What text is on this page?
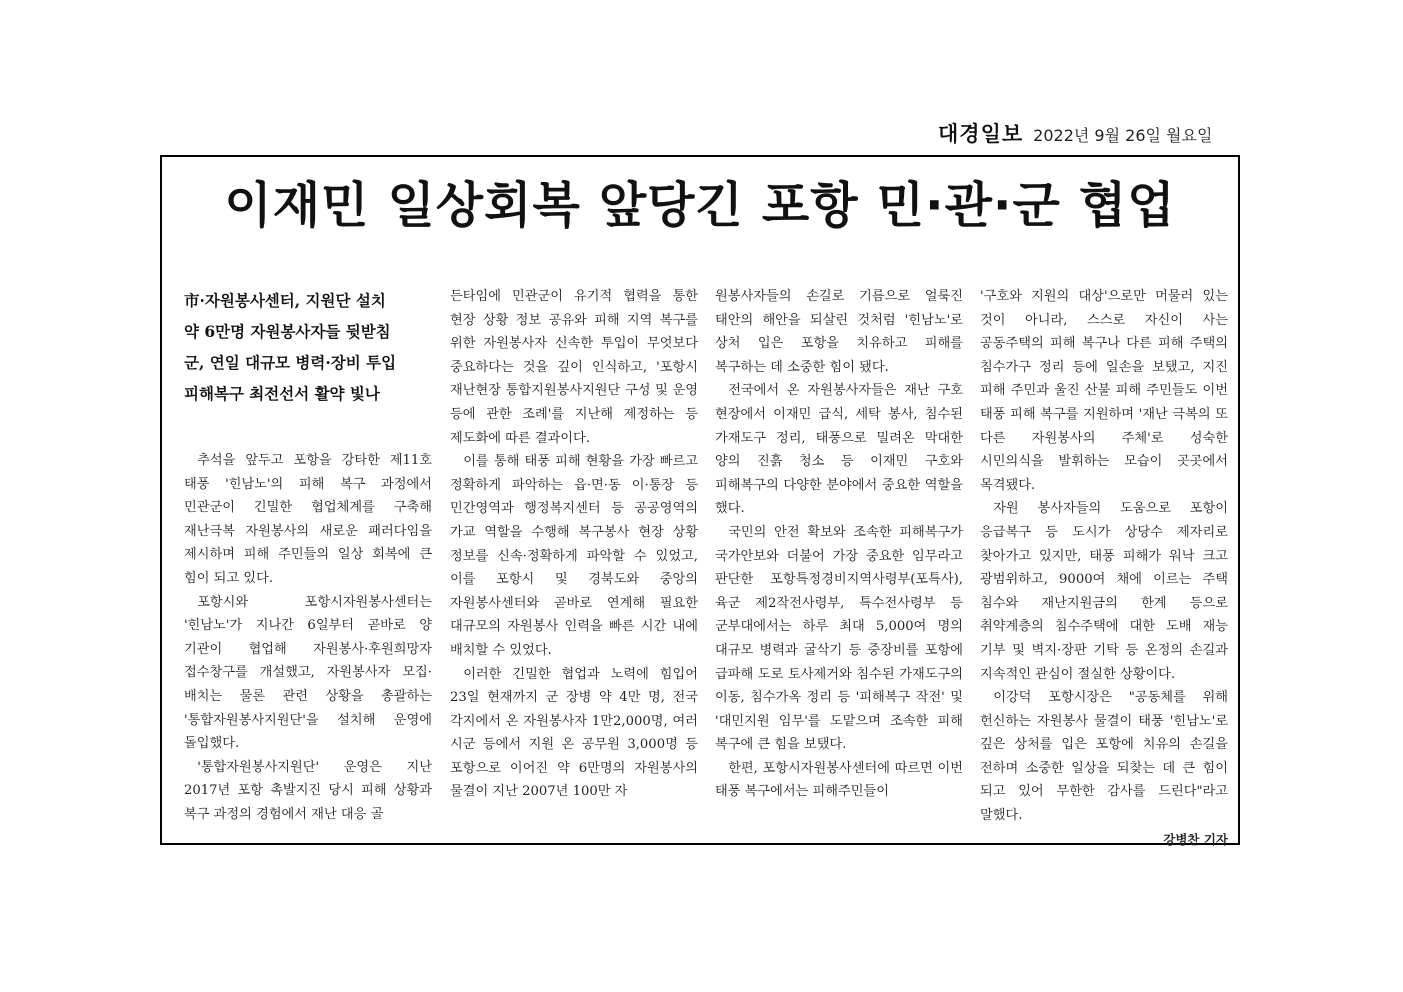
대경일보 2022년 9월 26일 월요일
이재민 일상회복 앞당긴 포항 민·관·군 협업
市·자원봉사센터, 지원단 설치
약 6만명 자원봉사자들 뒷받침
군, 연일 대규모 병력·장비 투입
피해복구 최전선서 활약 빛나

추석을 앞두고 포항을 강타한 제11호 태풍 '힌남노'의 피해 복구 과정에서 민관군이 긴밀한 협업체계를 구축해 재난극복 자원봉사의 새로운 패러다임을 제시하며 피해 주민들의 일상 회복에 큰 힘이 되고 있다.

포항시와 포항시자원봉사센터는 '힌남노'가 지나간 6일부터 곧바로 양 기관이 협업해 자원봉사·후원희망자 접수창구를 개설했고, 자원봉사자 모집·배치는 물론 관련 상황을 총괄하는 '통합자원봉사지원단'을 설치해 운영에 돌입했다.

'통합자원봉사지원단' 운영은 지난 2017년 포항 촉발지진 당시 피해 상황과 복구 과정의 경험에서 재난 대응 골

든타임에 민관군이 유기적 협력을 통한 현장 상황 정보 공유와 피해 지역 복구를 위한 자원봉사자 신속한 투입이 무엇보다 중요하다는 것을 깊이 인식하고, '포항시 재난현장 통합지원봉사지원단 구성 및 운영 등에 관한 조례'를 지난해 제정하는 등 제도화에 따른 결과이다.

이를 통해 태풍 피해 현황을 가장 빠르고 정확하게 파악하는 읍·면·동 이·통장 등 민간영역과 행정복지센터 등 공공영역의 가교 역할을 수행해 복구봉사 현장 상황 정보를 신속·정확하게 파악할 수 있었고, 이를 포항시 및 경북도와 중앙의 자원봉사센터와 곧바로 연계해 필요한 대규모의 자원봉사 인력을 빠른 시간 내에 배치할 수 있었다.

이러한 긴밀한 협업과 노력에 힘입어 23일 현재까지 군 장병 약 4만 명, 전국 각지에서 온 자원봉사자 1만2,000명, 여러 시군 등에서 지원 온 공무원 3,000명 등 포항으로 이어진 약 6만명의 자원봉사의 물결이 지난 2007년 100만 자

원봉사자들의 손길로 기름으로 얼룩진 태안의 해안을 되살린 것처럼 '힌남노'로 상처 입은 포항을 치유하고 피해를 복구하는 데 소중한 힘이 됐다.

전국에서 온 자원봉사자들은 재난 구호 현장에서 이재민 급식, 세탁 봉사, 침수된 가재도구 정리, 태풍으로 밀려온 막대한 양의 진흙 청소 등 이재민 구호와 피해복구의 다양한 분야에서 중요한 역할을 했다.

국민의 안전 확보와 조속한 피해복구가 국가안보와 더불어 가장 중요한 임무라고 판단한 포항특정경비지역사령부(포특사), 육군 제2작전사령부, 특수전사령부 등 군부대에서는 하루 최대 5,000여 명의 대규모 병력과 굴삭기 등 중장비를 포항에 급파해 도로 토사제거와 침수된 가재도구의 이동, 침수가옥 정리 등 '피해복구 작전' 및 '대민지원 임무'를 도맡으며 조속한 피해 복구에 큰 힘을 보탰다.

한편, 포항시자원봉사센터에 따르면 이번 태풍 복구에서는 피해주민들이

'구호와 지원의 대상'으로만 머물러 있는 것이 아니라, 스스로 자신이 사는 공동주택의 피해 복구나 다른 피해 주택의 침수가구 정리 등에 일손을 보탰고, 지진 피해 주민과 울진 산불 피해 주민들도 이번 태풍 피해 복구를 지원하며 '재난 극복의 또 다른 자원봉사의 주체'로 성숙한 시민의식을 발휘하는 모습이 곳곳에서 목격됐다.

자원 봉사자들의 도움으로 포항이 응급복구 등 도시가 상당수 제자리로 찾아가고 있지만, 태풍 피해가 워낙 크고 광범위하고, 9000여 채에 이르는 주택 침수와 재난지원금의 한계 등으로 취약계층의 침수주택에 대한 도배 재능 기부 및 벽지·장판 기탁 등 온정의 손길과 지속적인 관심이 절실한 상황이다.

이강덕 포항시장은 "공동체를 위해 헌신하는 자원봉사 물결이 태풍 '힌남노'로 깊은 상처를 입은 포항에 치유의 손길을 전하며 소중한 일상을 되찾는 데 큰 힘이 되고 있어 무한한 감사를 드린다"라고 말했다.

강병찬 기자
